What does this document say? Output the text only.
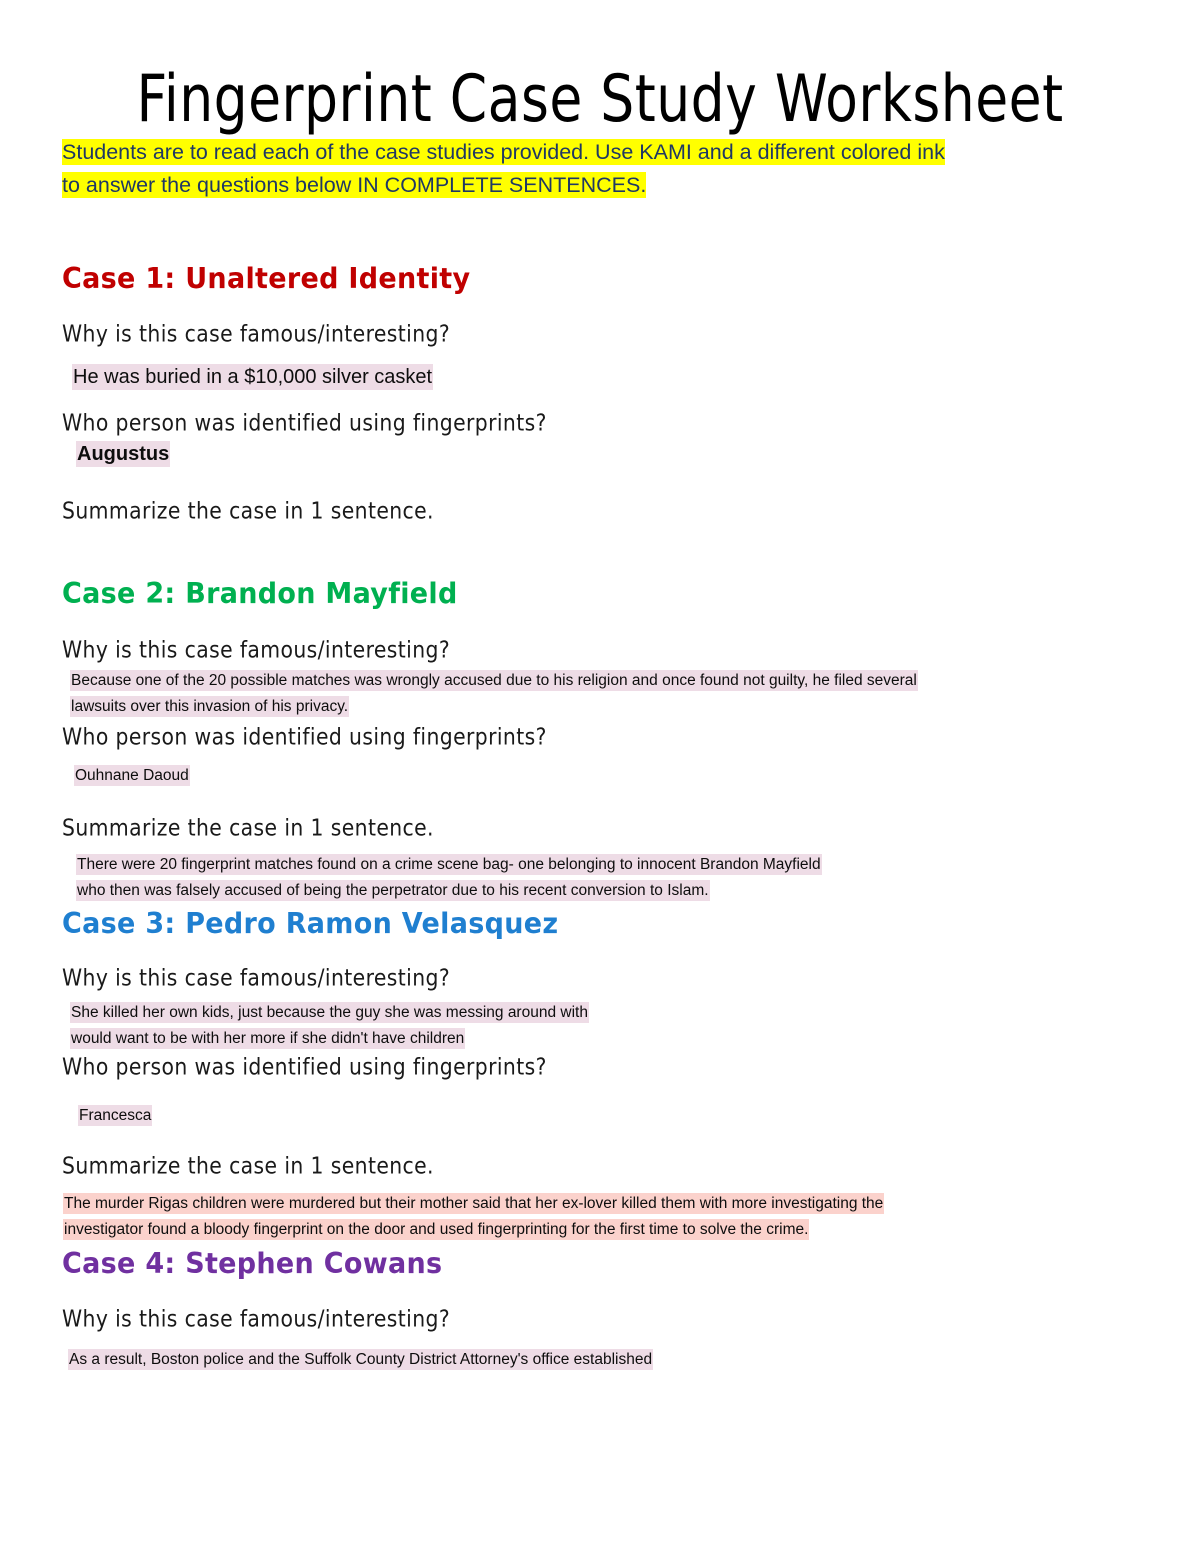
Fingerprint Case Study Worksheet
Students are to read each of the case studies provided. Use KAMI and a different colored ink
to answer the questions below IN COMPLETE SENTENCES.
Case 1: Unaltered Identity

Why is this case famous/interesting?

He was buried in a $10,000 silver casket

Who person was identified using fingerprints?

Augustus

Summarize the case in 1 sentence.

Case 2: Brandon Mayfield

Why is this case famous/interesting?

Because one of the 20 possible matches was wrongly accused due to his religion and once found not guilty, he filed several
lawsuits over this invasion of his privacy.

Who person was identified using fingerprints?

Ouhnane Daoud

Summarize the case in 1 sentence.

There were 20 fingerprint matches found on a crime scene bag- one belonging to innocent Brandon Mayfield
who then was falsely accused of being the perpetrator due to his recent conversion to Islam.
Case 3: Pedro Ramon Velasquez

Why is this case famous/interesting?

She killed her own kids, just because the guy she was messing around with
would want to be with her more if she didn't have children

Who person was identified using fingerprints?

Francesca

Summarize the case in 1 sentence.

The murder Rigas children were murdered but their mother said that her ex-lover killed them with more investigating the
investigator found a bloody fingerprint on the door and used fingerprinting for the first time to solve the crime.
Case 4: Stephen Cowans

Why is this case famous/interesting?

As a result, Boston police and the Suffolk County District Attorney's office established
